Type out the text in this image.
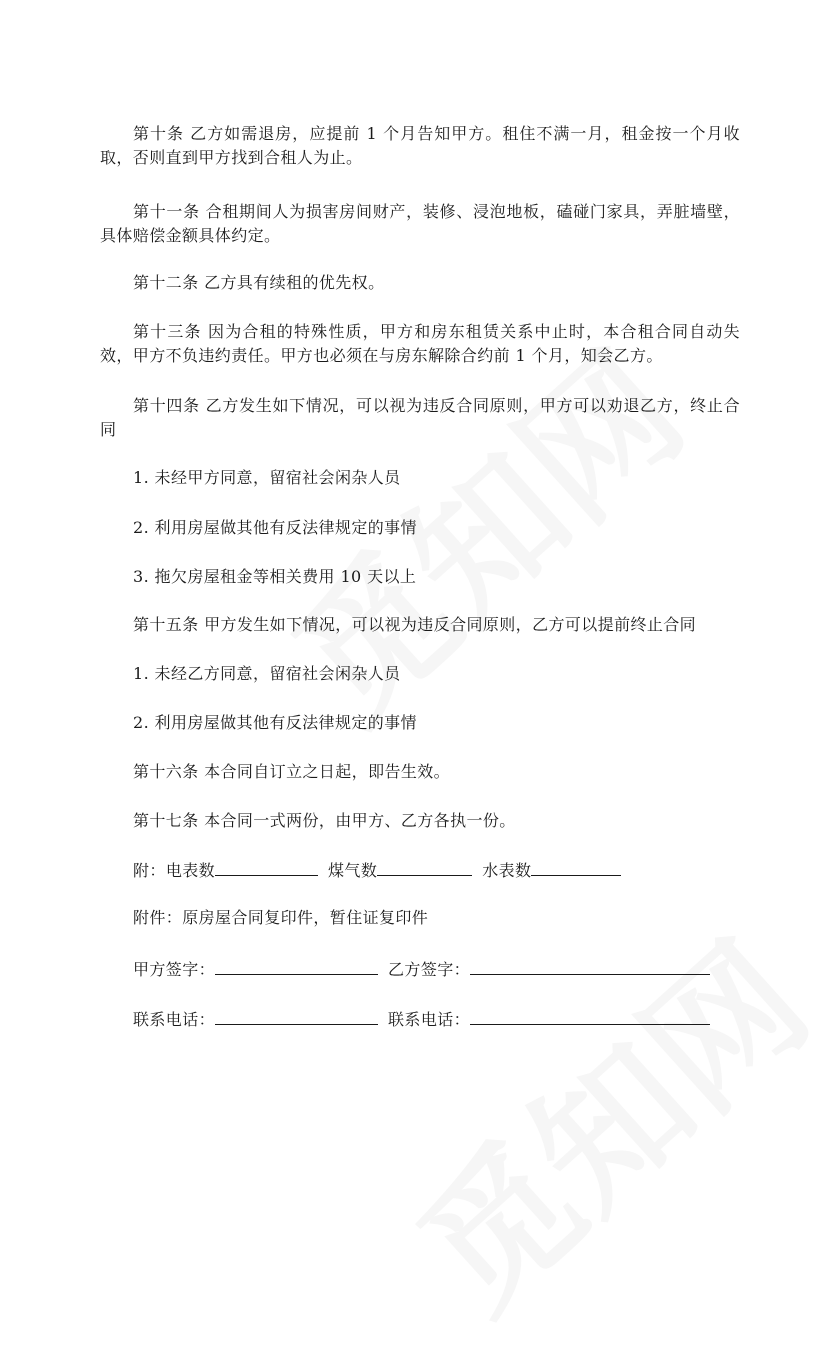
第十条 乙方如需退房，应提前 1 个月告知甲方。租住不满一月，租金按一个月收取，否则直到甲方找到合租人为止。

第十一条 合租期间人为损害房间财产，装修、浸泡地板，磕碰门家具，弄脏墙壁，具体赔偿金额具体约定。

第十二条 乙方具有续租的优先权。

第十三条 因为合租的特殊性质，甲方和房东租赁关系中止时，本合租合同自动失效，甲方不负违约责任。甲方也必须在与房东解除合约前 1 个月，知会乙方。

第十四条 乙方发生如下情况，可以视为违反合同原则，甲方可以劝退乙方，终止合同

1. 未经甲方同意，留宿社会闲杂人员

2. 利用房屋做其他有反法律规定的事情

3. 拖欠房屋租金等相关费用 10 天以上

第十五条 甲方发生如下情况，可以视为违反合同原则，乙方可以提前终止合同

1. 未经乙方同意，留宿社会闲杂人员

2. 利用房屋做其他有反法律规定的事情

第十六条 本合同自订立之日起，即告生效。

第十七条 本合同一式两份，由甲方、乙方各执一份。

附：电表数	煤气数	水表数

附件：原房屋合同复印件，暂住证复印件

甲方签字：	乙方签字：
联系电话：	联系电话：
